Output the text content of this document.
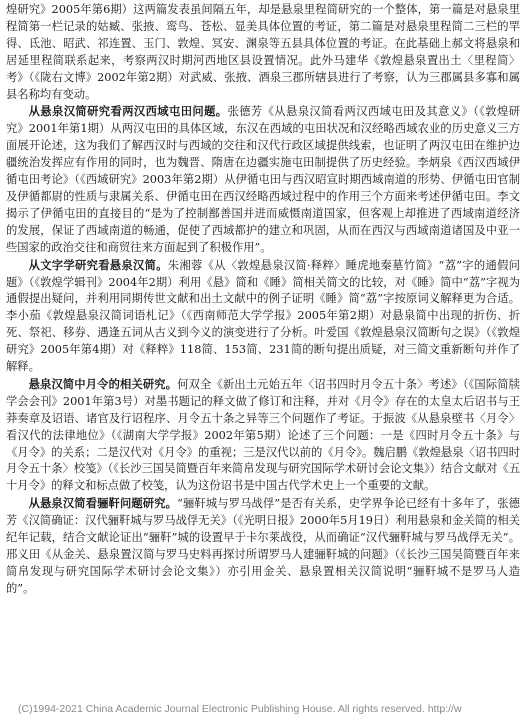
煌研究》2005年第6期）这两篇发表虽间隔五年，却是悬泉里程简研究的一个整体，第一篇是对悬泉里程简第一栏记录的姑臧、张掖、鸾鸟、苍松、显美具体位置的考证，第二篇是对悬泉里程简二三栏的䍐得、氐池、昭武、祁连置、玉门、敦煌、冥安、渊泉等五县具体位置的考证。在此基础上郝文将悬泉和居延里程简联系起来，考察两汉时期河西地区县设置情况。此外马建华《敦煌悬泉置出土〈里程简〉考》（《陇右文博》2002年第2期）对武威、张掖、酒泉三郡所辖县进行了考察，认为三郡属县多寡和属县名称均有变动。

从悬泉汉简研究看两汉西域屯田问题。张德芳《从悬泉汉简看两汉西域屯田及其意义》（《敦煌研究》2001年第1期）从两汉屯田的具体区域，东汉在西域的屯田状况和汉经略西域农业的历史意义三方面展开论述，这为我们了解西汉时与西域的交往和汉代行政区域提供线索，也证明了两汉屯田在维护边疆统治发挥应有作用的同时，也为魏晋、隋唐在边疆实施屯田制提供了历史经验。李炳泉《西汉西域伊循屯田考论》（《西域研究》2003年第2期）从伊循屯田与西汉昭宣时期西域南道的形势、伊循屯田官制及伊循都尉的性质与隶属关系、伊循屯田在西汉经略西域过程中的作用三个方面来考述伊循屯田。李文揭示了伊循屯田的直接目的“是为了控制鄯善国并进而威慑南道国家，但客观上却推进了西域南道经济的发展，保证了西域南道的畅通，促使了西域都护的建立和巩固，从而在西汉与西域南道诸国及中亚一些国家的政治交往和商贸往来方面起到了积极作用”。

从文字学研究看悬泉汉简。朱湘蓉《从〈敦煌悬泉汉简·释粹〉睡虎地秦墓竹简》“荔”字的通假问题》（《敦煌学辑刊》2004年2期）利用《悬》简和《睡》简相关简文的比较，对《睡》简中“荔”字视为通假提出疑问，并利用同期传世文献和出土文献中的例子证明《睡》简“荔”字按原词义解释更为合适。李小茄《敦煌悬泉汉简词语札记》（《西南师范大学学报》2005年第2期）对悬泉简中出现的折伤、折死、祭祀、移券、遇逢五词从古义到今义的演变进行了分析。叶爱国《敦煌悬泉汉简断句之误》（《敦煌研究》2005年第4期）对《释粹》118简、153简、231简的断句提出质疑，对三简文重新断句并作了解释。

悬泉汉简中月令的相关研究。何双全《新出土元始五年〈诏书四时月令五十条〉考述》（《国际简牍学会会刊》2001年第3号）对墨书题记的释文做了修订和注释，并对《月令》存在的太皇太后诏书与王莽奏章及诏语、诸官及行诏程序、月令五十条之异等三个问题作了考证。于振波《从悬泉壁书〈月令〉看汉代的法律地位》（《湖南大学学报》2002年第5期）论述了三个问题：一是《四时月令五十条》与《月令》的关系；二是汉代对《月令》的重视；三是汉代以前的《月令》。魏启鹏《敦煌悬泉〈诏书四时月令五十条〉校笺》（《长沙三国吴简暨百年来简帛发现与研究国际学术研讨会论文集》）结合文献对《五十月令》的释文和标点做了校笺，认为这份诏书是中国古代学术史上一个重要的文献。

从悬泉汉简看骊靬问题研究。“骊靬城与罗马战俘”是否有关系，史学界争论已经有十多年了，张德芳《汉简确证：汉代骊靬城与罗马战俘无关》（《光明日报》2000年5月19日）利用悬泉和金关简的相关纪年记载，结合文献论证出“骊靬”城的设置早于卡尔莱战役，从而确证“汉代骊靬城与罗马战俘无关”。邢义田《从金关、悬泉置汉简与罗马史料再探讨所谓罗马人建骊靬城的问题》（《长沙三国吴简暨百年来简帛发现与研究国际学术研讨会论文集》）亦引用金关、悬泉置相关汉简说明“骊靬城不是罗马人造的”。

(C)1994-2021 China Academic Journal Electronic Publishing House. All rights reserved. http://w
